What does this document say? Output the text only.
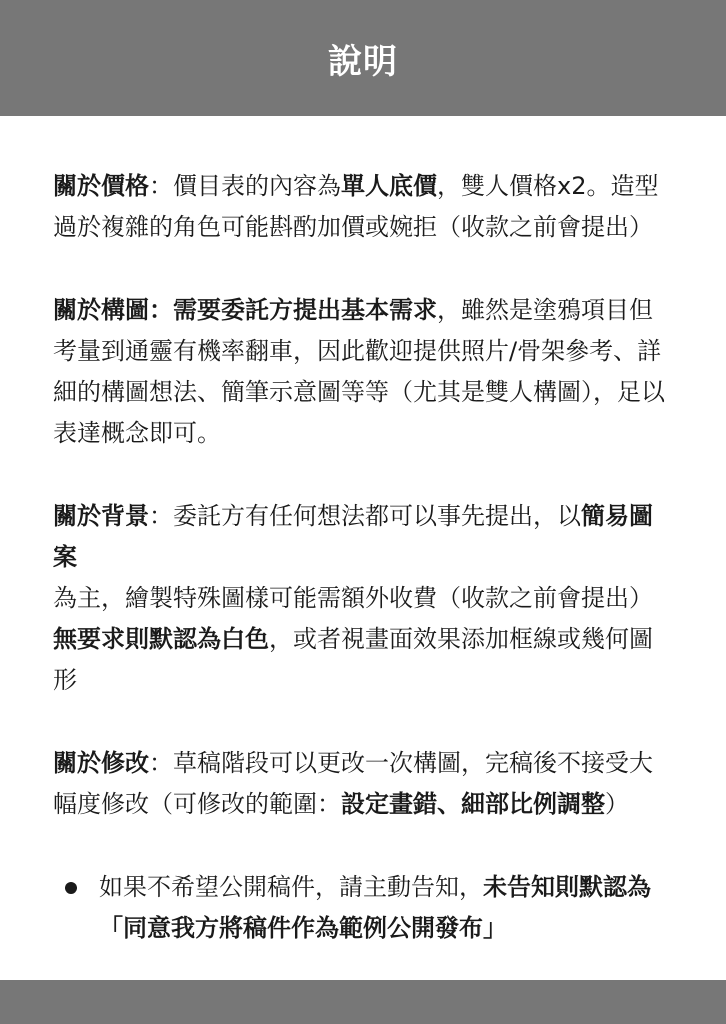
說明

關於價格：價目表的內容為單人底價，雙人價格x2。造型過於複雜的角色可能斟酌加價或婉拒（收款之前會提出）

關於構圖：需要委託方提出基本需求，雖然是塗鴉項目但考量到通靈有機率翻車，因此歡迎提供照片/骨架參考、詳細的構圖想法、簡筆示意圖等等（尤其是雙人構圖），足以表達概念即可。

關於背景：委託方有任何想法都可以事先提出，以簡易圖案為主，繪製特殊圖樣可能需額外收費（收款之前會提出）無要求則默認為白色，或者視畫面效果添加框線或幾何圖形

關於修改：草稿階段可以更改一次構圖，完稿後不接受大幅度修改（可修改的範圍：設定畫錯、細部比例調整）

如果不希望公開稿件，請主動告知，未告知則默認為「同意我方將稿件作為範例公開發布」
